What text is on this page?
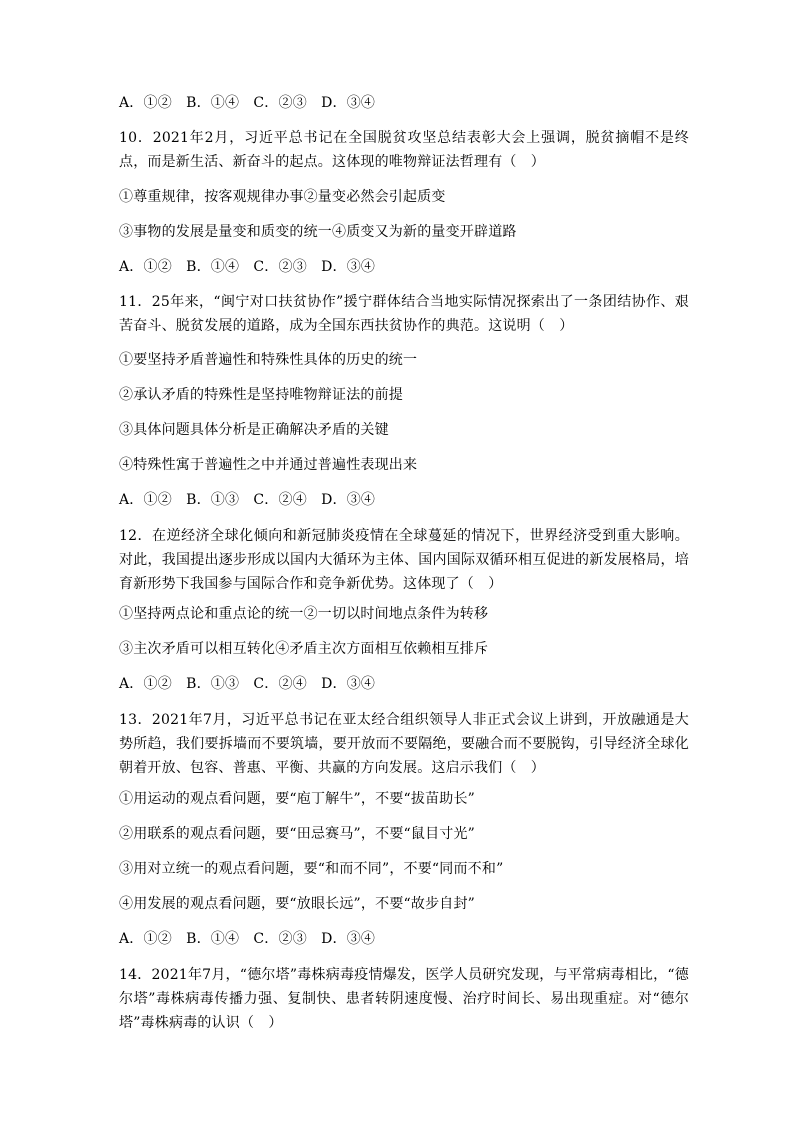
A．①②　B．①④　C．②③　D．③④
10．2021年2月，习近平总书记在全国脱贫攻坚总结表彰大会上强调，脱贫摘帽不是终点，而是新生活、新奋斗的起点。这体现的唯物辩证法哲理有（　）
①尊重规律，按客观规律办事②量变必然会引起质变
③事物的发展是量变和质变的统一④质变又为新的量变开辟道路
A．①②　B．①④　C．②③　D．③④
11．25年来，“闽宁对口扶贫协作”援宁群体结合当地实际情况探索出了一条团结协作、艰苦奋斗、脱贫发展的道路，成为全国东西扶贫协作的典范。这说明（　）
①要坚持矛盾普遍性和特殊性具体的历史的统一
②承认矛盾的特殊性是坚持唯物辩证法的前提
③具体问题具体分析是正确解决矛盾的关键
④特殊性寓于普遍性之中并通过普遍性表现出来
A．①②　B．①③　C．②④　D．③④
12．在逆经济全球化倾向和新冠肺炎疫情在全球蔓延的情况下，世界经济受到重大影响。对此，我国提出逐步形成以国内大循环为主体、国内国际双循环相互促进的新发展格局，培育新形势下我国参与国际合作和竞争新优势。这体现了（　）
①坚持两点论和重点论的统一②一切以时间地点条件为转移
③主次矛盾可以相互转化④矛盾主次方面相互依赖相互排斥
A．①②　B．①③　C．②④　D．③④
13．2021年7月，习近平总书记在亚太经合组织领导人非正式会议上讲到，开放融通是大势所趋，我们要拆墙而不要筑墙，要开放而不要隔绝，要融合而不要脱钩，引导经济全球化朝着开放、包容、普惠、平衡、共赢的方向发展。这启示我们（　）
①用运动的观点看问题，要“庖丁解牛”，不要“拔苗助长”
②用联系的观点看问题，要“田忌赛马”，不要“鼠目寸光”
③用对立统一的观点看问题，要“和而不同”，不要“同而不和”
④用发展的观点看问题，要“放眼长远”，不要“故步自封”
A．①②　B．①④　C．②③　D．③④
14．2021年7月，“德尔塔”毒株病毒疫情爆发，医学人员研究发现，与平常病毒相比，“德尔塔”毒株病毒传播力强、复制快、患者转阴速度慢、治疗时间长、易出现重症。对“德尔塔”毒株病毒的认识（　）
